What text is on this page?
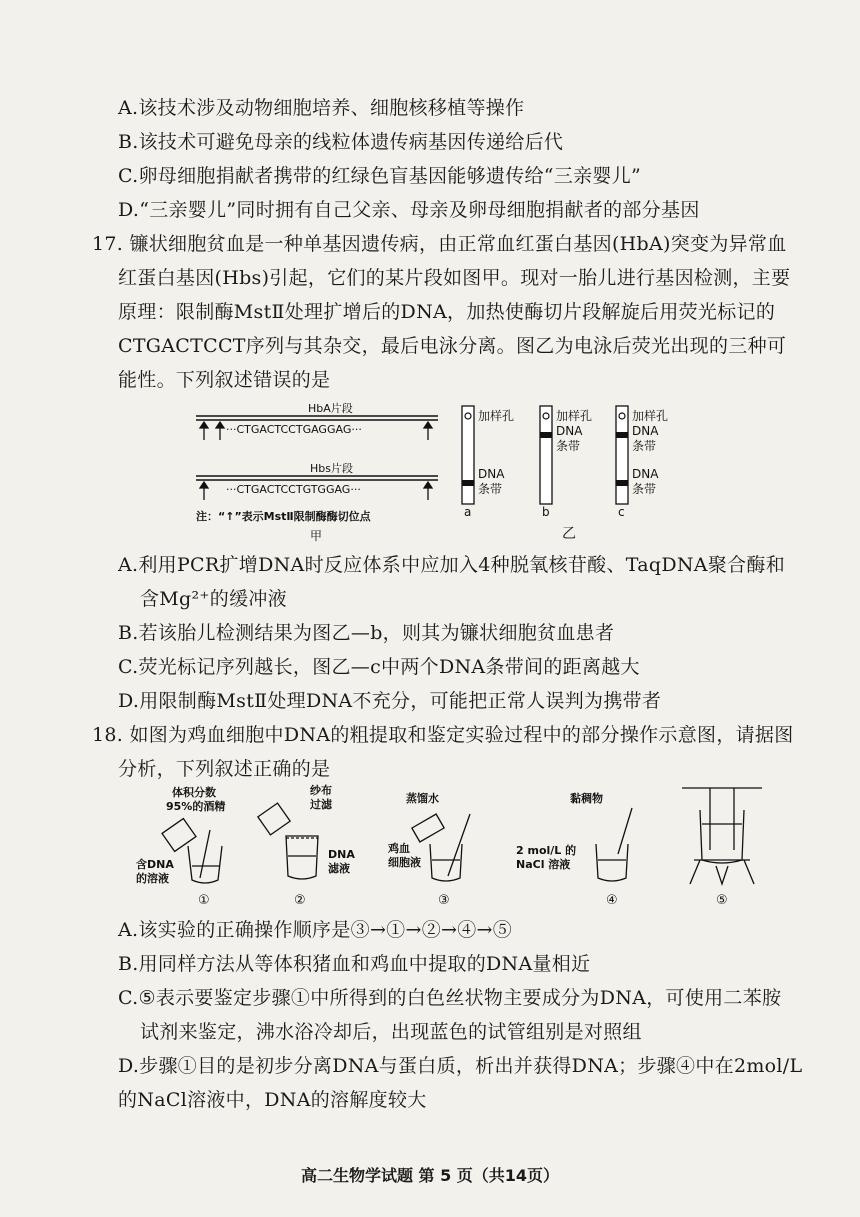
A.该技术涉及动物细胞培养、细胞核移植等操作
B.该技术可避免母亲的线粒体遗传病基因传递给后代
C.卵母细胞捐献者携带的红绿色盲基因能够遗传给“三亲婴儿”
D.“三亲婴儿”同时拥有自己父亲、母亲及卵母细胞捐献者的部分基因
17. 镰状细胞贫血是一种单基因遗传病，由正常血红蛋白基因(HbA)突变为异常血
红蛋白基因(Hbs)引起，它们的某片段如图甲。现对一胎儿进行基因检测，主要
原理：限制酶MstⅡ处理扩增后的DNA，加热使酶切片段解旋后用荧光标记的
CTGACTCCT序列与其杂交，最后电泳分离。图乙为电泳后荧光出现的三种可
能性。下列叙述错误的是
HbA片段
···CTGACTCCTGAGGAG···
Hbs片段
···CTGACTCCTGTGGAG···
注：“↑”表示MstⅡ限制酶酶切位点
甲
加样孔
DNA
条带
a
加样孔
DNA
条带
b
加样孔
DNA
条带
DNA
条带
c
乙
A.利用PCR扩增DNA时反应体系中应加入4种脱氧核苷酸、TaqDNA聚合酶和
含Mg²⁺的缓冲液
B.若该胎儿检测结果为图乙—b，则其为镰状细胞贫血患者
C.荧光标记序列越长，图乙—c中两个DNA条带间的距离越大
D.用限制酶MstⅡ处理DNA不充分，可能把正常人误判为携带者
18. 如图为鸡血细胞中DNA的粗提取和鉴定实验过程中的部分操作示意图，请据图
分析，下列叙述正确的是
体积分数
95%的酒精
含DNA
的溶液
①
纱布
过滤
DNA
滤液
②
蒸馏水
鸡血
细胞液
③
黏稠物
2 mol/L 的
NaCl 溶液
④	⑤
A.该实验的正确操作顺序是③→①→②→④→⑤
B.用同样方法从等体积猪血和鸡血中提取的DNA量相近
C.⑤表示要鉴定步骤①中所得到的白色丝状物主要成分为DNA，可使用二苯胺
试剂来鉴定，沸水浴冷却后，出现蓝色的试管组别是对照组
D.步骤①目的是初步分离DNA与蛋白质，析出并获得DNA；步骤④中在2mol/L
的NaCl溶液中，DNA的溶解度较大
高二生物学试题 第 5 页（共14页）
